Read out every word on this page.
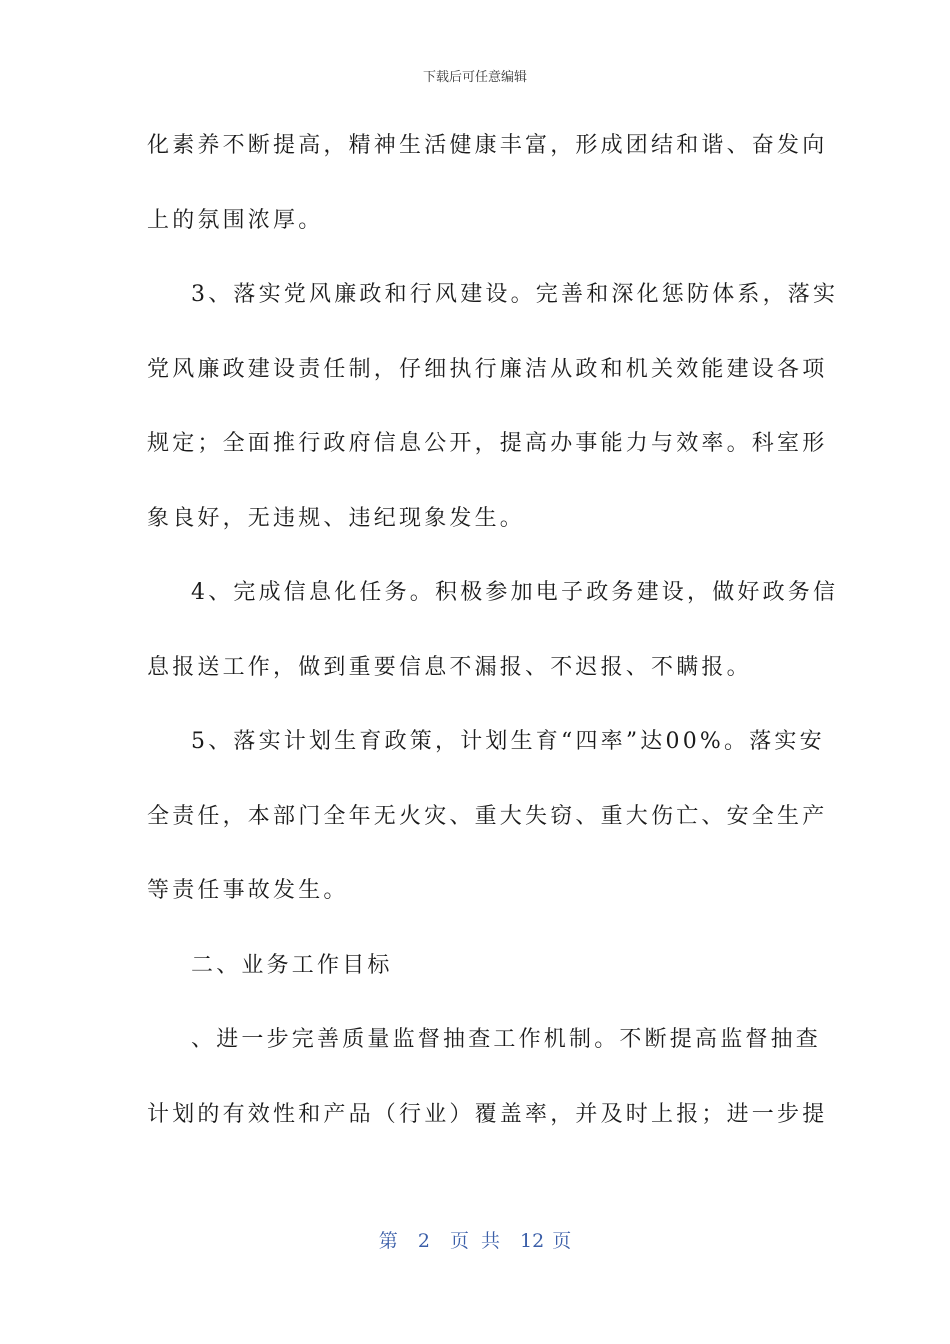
下载后可任意编辑
化素养不断提高，精神生活健康丰富，形成团结和谐、奋发向
上的氛围浓厚。
3、落实党风廉政和行风建设。完善和深化惩防体系，落实
党风廉政建设责任制，仔细执行廉洁从政和机关效能建设各项
规定；全面推行政府信息公开，提高办事能力与效率。科室形
象良好，无违规、违纪现象发生。
4、完成信息化任务。积极参加电子政务建设，做好政务信
息报送工作，做到重要信息不漏报、不迟报、不瞒报。
5、落实计划生育政策，计划生育“四率”达00%。落实安
全责任，本部门全年无火灾、重大失窃、重大伤亡、安全生产
等责任事故发生。
二、业务工作目标
、进一步完善质量监督抽查工作机制。不断提高监督抽查
计划的有效性和产品（行业）覆盖率，并及时上报；进一步提
第 2 页 共 12 页
